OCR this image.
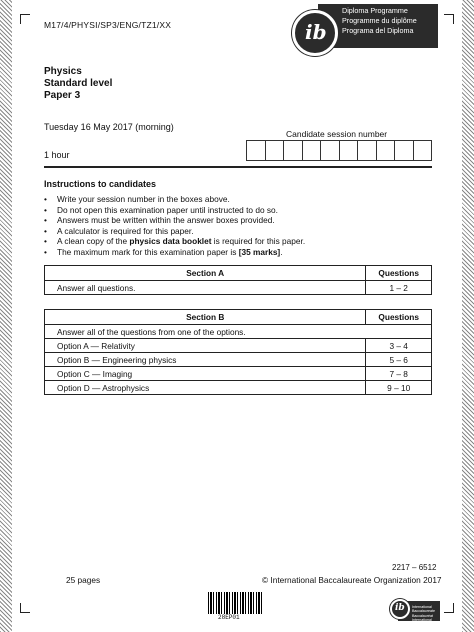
M17/4/PHYSI/SP3/ENG/TZ1/XX
Diploma Programme
Programme du diplôme
Programa del Diploma
ib
Physics
Standard level
Paper 3
Tuesday 16 May 2017 (morning)
1 hour
Candidate session number
Instructions to candidates
• Write your session number in the boxes above.
• Do not open this examination paper until instructed to do so.
• Answers must be written within the answer boxes provided.
• A calculator is required for this paper.
• A clean copy of the physics data booklet is required for this paper.
• The maximum mark for this examination paper is [35 marks].
Section A	Questions
Answer all questions.	1 – 2
Section B	Questions
Answer all of the questions from one of the options.	
Option A — Relativity	3 – 4
Option B — Engineering physics	5 – 6
Option C — Imaging	7 – 8
Option D — Astrophysics	9 – 10
2217 – 6512
25 pages	© International Baccalaureate Organization 2017
28EP01
ib International Baccalaureate
Baccalauréat International
Bachillerato Internacional
